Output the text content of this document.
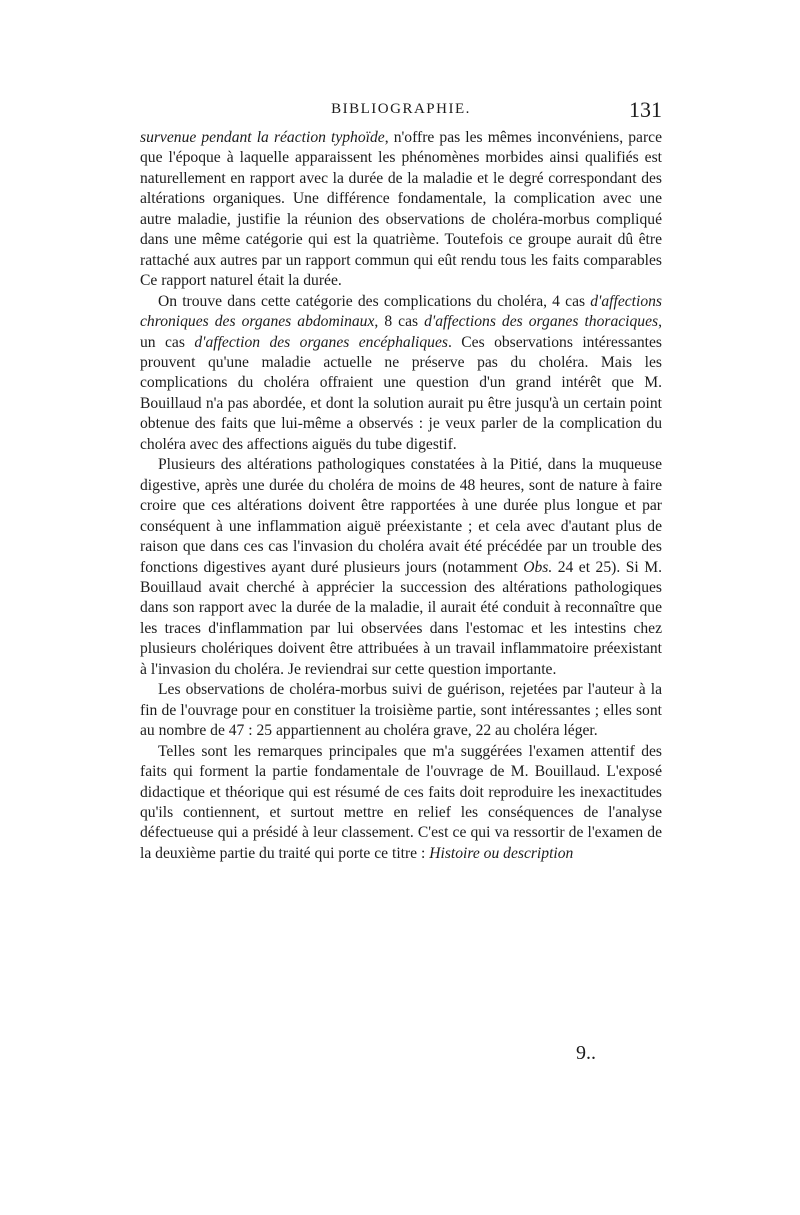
BIBLIOGRAPHIE.	131

survenue pendant la réaction typhoïde, n'offre pas les mêmes inconvéniens, parce que l'époque à laquelle apparaissent les phénomènes morbides ainsi qualifiés est naturellement en rapport avec la durée de la maladie et le degré correspondant des altérations organiques. Une différence fondamentale, la complication avec une autre maladie, justifie la réunion des observations de choléra-morbus compliqué dans une même catégorie qui est la quatrième. Toutefois ce groupe aurait dû être rattaché aux autres par un rapport commun qui eût rendu tous les faits comparables Ce rapport naturel était la durée.

On trouve dans cette catégorie des complications du choléra, 4 cas d'affections chroniques des organes abdominaux, 8 cas d'affections des organes thoraciques, un cas d'affection des organes encéphaliques. Ces observations intéressantes prouvent qu'une maladie actuelle ne préserve pas du choléra. Mais les complications du choléra offraient une question d'un grand intérêt que M. Bouillaud n'a pas abordée, et dont la solution aurait pu être jusqu'à un certain point obtenue des faits que lui-même a observés : je veux parler de la complication du choléra avec des affections aiguës du tube digestif.

Plusieurs des altérations pathologiques constatées à la Pitié, dans la muqueuse digestive, après une durée du choléra de moins de 48 heures, sont de nature à faire croire que ces altérations doivent être rapportées à une durée plus longue et par conséquent à une inflammation aiguë préexistante ; et cela avec d'autant plus de raison que dans ces cas l'invasion du choléra avait été précédée par un trouble des fonctions digestives ayant duré plusieurs jours (notamment Obs. 24 et 25). Si M. Bouillaud avait cherché à apprécier la succession des altérations pathologiques dans son rapport avec la durée de la maladie, il aurait été conduit à reconnaître que les traces d'inflammation par lui observées dans l'estomac et les intestins chez plusieurs cholériques doivent être attribuées à un travail inflammatoire préexistant à l'invasion du choléra. Je reviendrai sur cette question importante.

Les observations de choléra-morbus suivi de guérison, rejetées par l'auteur à la fin de l'ouvrage pour en constituer la troisième partie, sont intéressantes ; elles sont au nombre de 47 : 25 appartiennent au choléra grave, 22 au choléra léger.

Telles sont les remarques principales que m'a suggérées l'examen attentif des faits qui forment la partie fondamentale de l'ouvrage de M. Bouillaud. L'exposé didactique et théorique qui est résumé de ces faits doit reproduire les inexactitudes qu'ils contiennent, et surtout mettre en relief les conséquences de l'analyse défectueuse qui a présidé à leur classement. C'est ce qui va ressortir de l'examen de la deuxième partie du traité qui porte ce titre : Histoire ou description

9..
